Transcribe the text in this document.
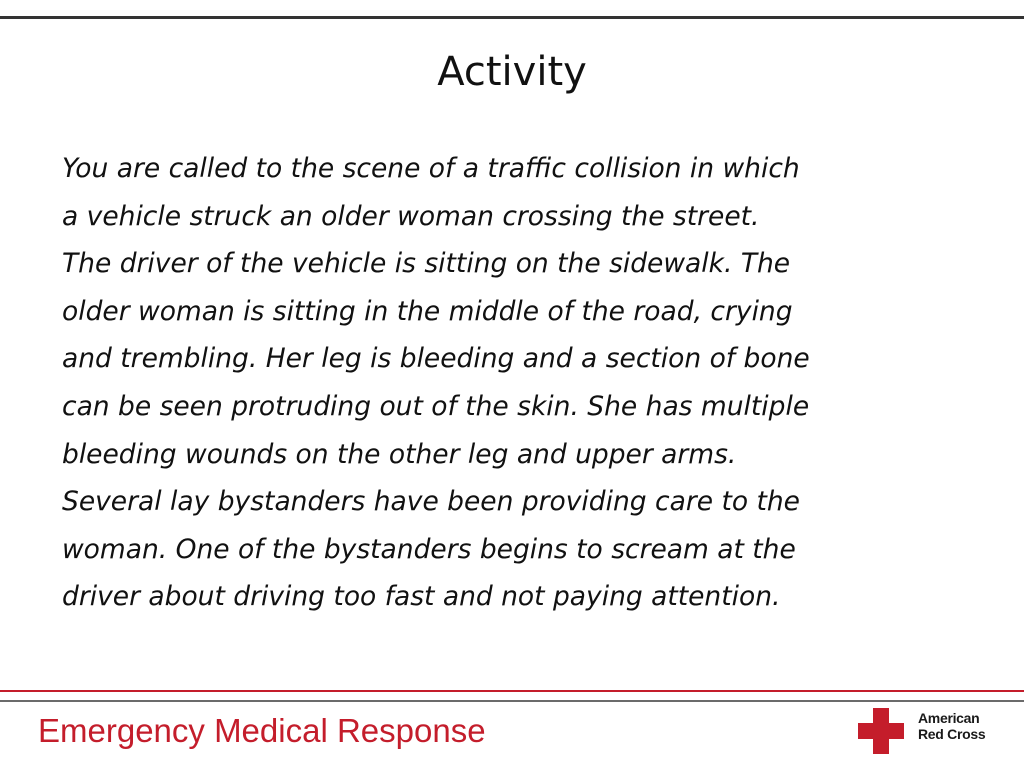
Activity

You are called to the scene of a traffic collision in which
a vehicle struck an older woman crossing the street.
The driver of the vehicle is sitting on the sidewalk. The
older woman is sitting in the middle of the road, crying
and trembling. Her leg is bleeding and a section of bone
can be seen protruding out of the skin. She has multiple
bleeding wounds on the other leg and upper arms.
Several lay bystanders have been providing care to the
woman. One of the bystanders begins to scream at the
driver about driving too fast and not paying attention.

Emergency Medical Response	American
Red Cross
